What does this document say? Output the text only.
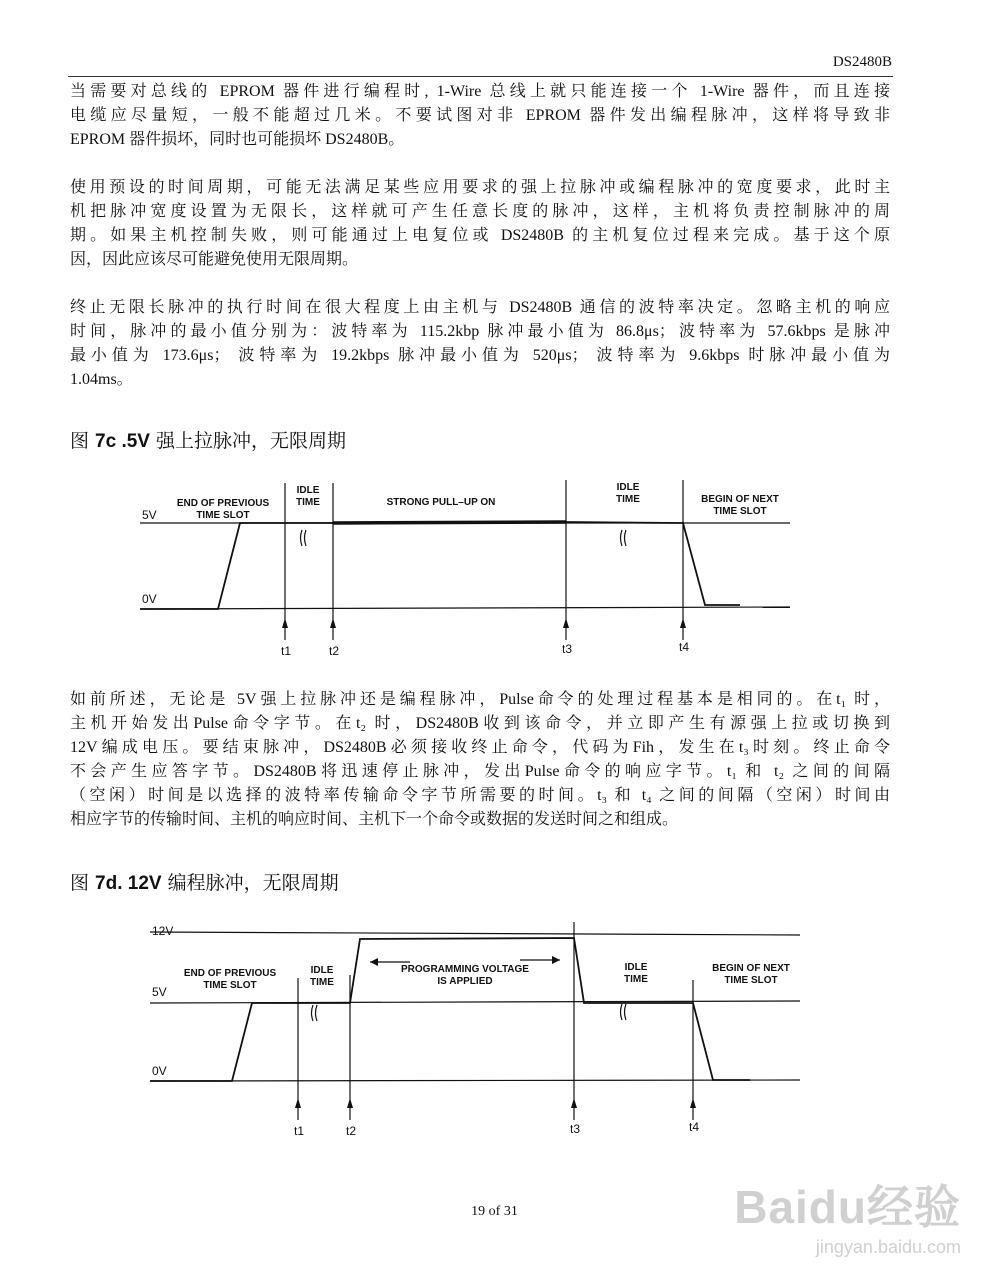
DS2480B
当需要对总线的 EPROM 器件进行编程时, 1-Wire 总线上就只能连接一个 1-Wire 器件，而且连接
电缆应尽量短，一般不能超过几米。不要试图对非 EPROM 器件发出编程脉冲，这样将导致非
EPROM 器件损坏，同时也可能损坏 DS2480B。
使用预设的时间周期，可能无法满足某些应用要求的强上拉脉冲或编程脉冲的宽度要求，此时主
机把脉冲宽度设置为无限长，这样就可产生任意长度的脉冲，这样，主机将负责控制脉冲的周
期。如果主机控制失败，则可能通过上电复位或 DS2480B 的主机复位过程来完成。基于这个原
因，因此应该尽可能避免使用无限周期。
终止无限长脉冲的执行时间在很大程度上由主机与 DS2480B 通信的波特率决定。忽略主机的响应
时间，脉冲的最小值分别为：波特率为 115.2kbp 脉冲最小值为 86.8μs；波特率为 57.6kbps 是脉冲
最小值为 173.6μs； 波特率为 19.2kbps 脉冲最小值为 520μs； 波特率为 9.6kbps 时脉冲最小值为
1.04ms。
图 7c .5V 强上拉脉冲，无限周期
5V
0V
END OF PREVIOUS
TIME SLOT
IDLE
TIME	STRONG PULL–UP ON
IDLE
TIME	BEGIN OF NEXT
TIME SLOT
t1	t2	t3	t4
12V
5V
0V
END OF PREVIOUS
TIME SLOT
IDLE
TIME
PROGRAMMING VOLTAGE
IS APPLIED
IDLE
TIME
BEGIN OF NEXT
TIME SLOT
t1	t2	t3	t4
如前所述，无论是 5V强上拉脉冲还是编程脉冲，Pulse命令的处理过程基本是相同的。在t₁ 时，
主机开始发出Pulse命令字节。在t₂ 时，DS2480B收到该命令，并立即产生有源强上拉或切换到
12V编成电压。要结束脉冲，DS2480B必须接收终止命令，代码为Fih，发生在t₃时刻。终止命令
不会产生应答字节。DS2480B将迅速停止脉冲，发出Pulse命令的响应字节。t₁ 和 t₂ 之间的间隔
（空闲）时间是以选择的波特率传输命令字节所需要的时间。t₃ 和 t₄ 之间的间隔（空闲）时间由
相应字节的传输时间、主机的响应时间、主机下一个命令或数据的发送时间之和组成。
图 7d. 12V 编程脉冲，无限周期
19 of 31	Baidu经验
jingyan.baidu.com
